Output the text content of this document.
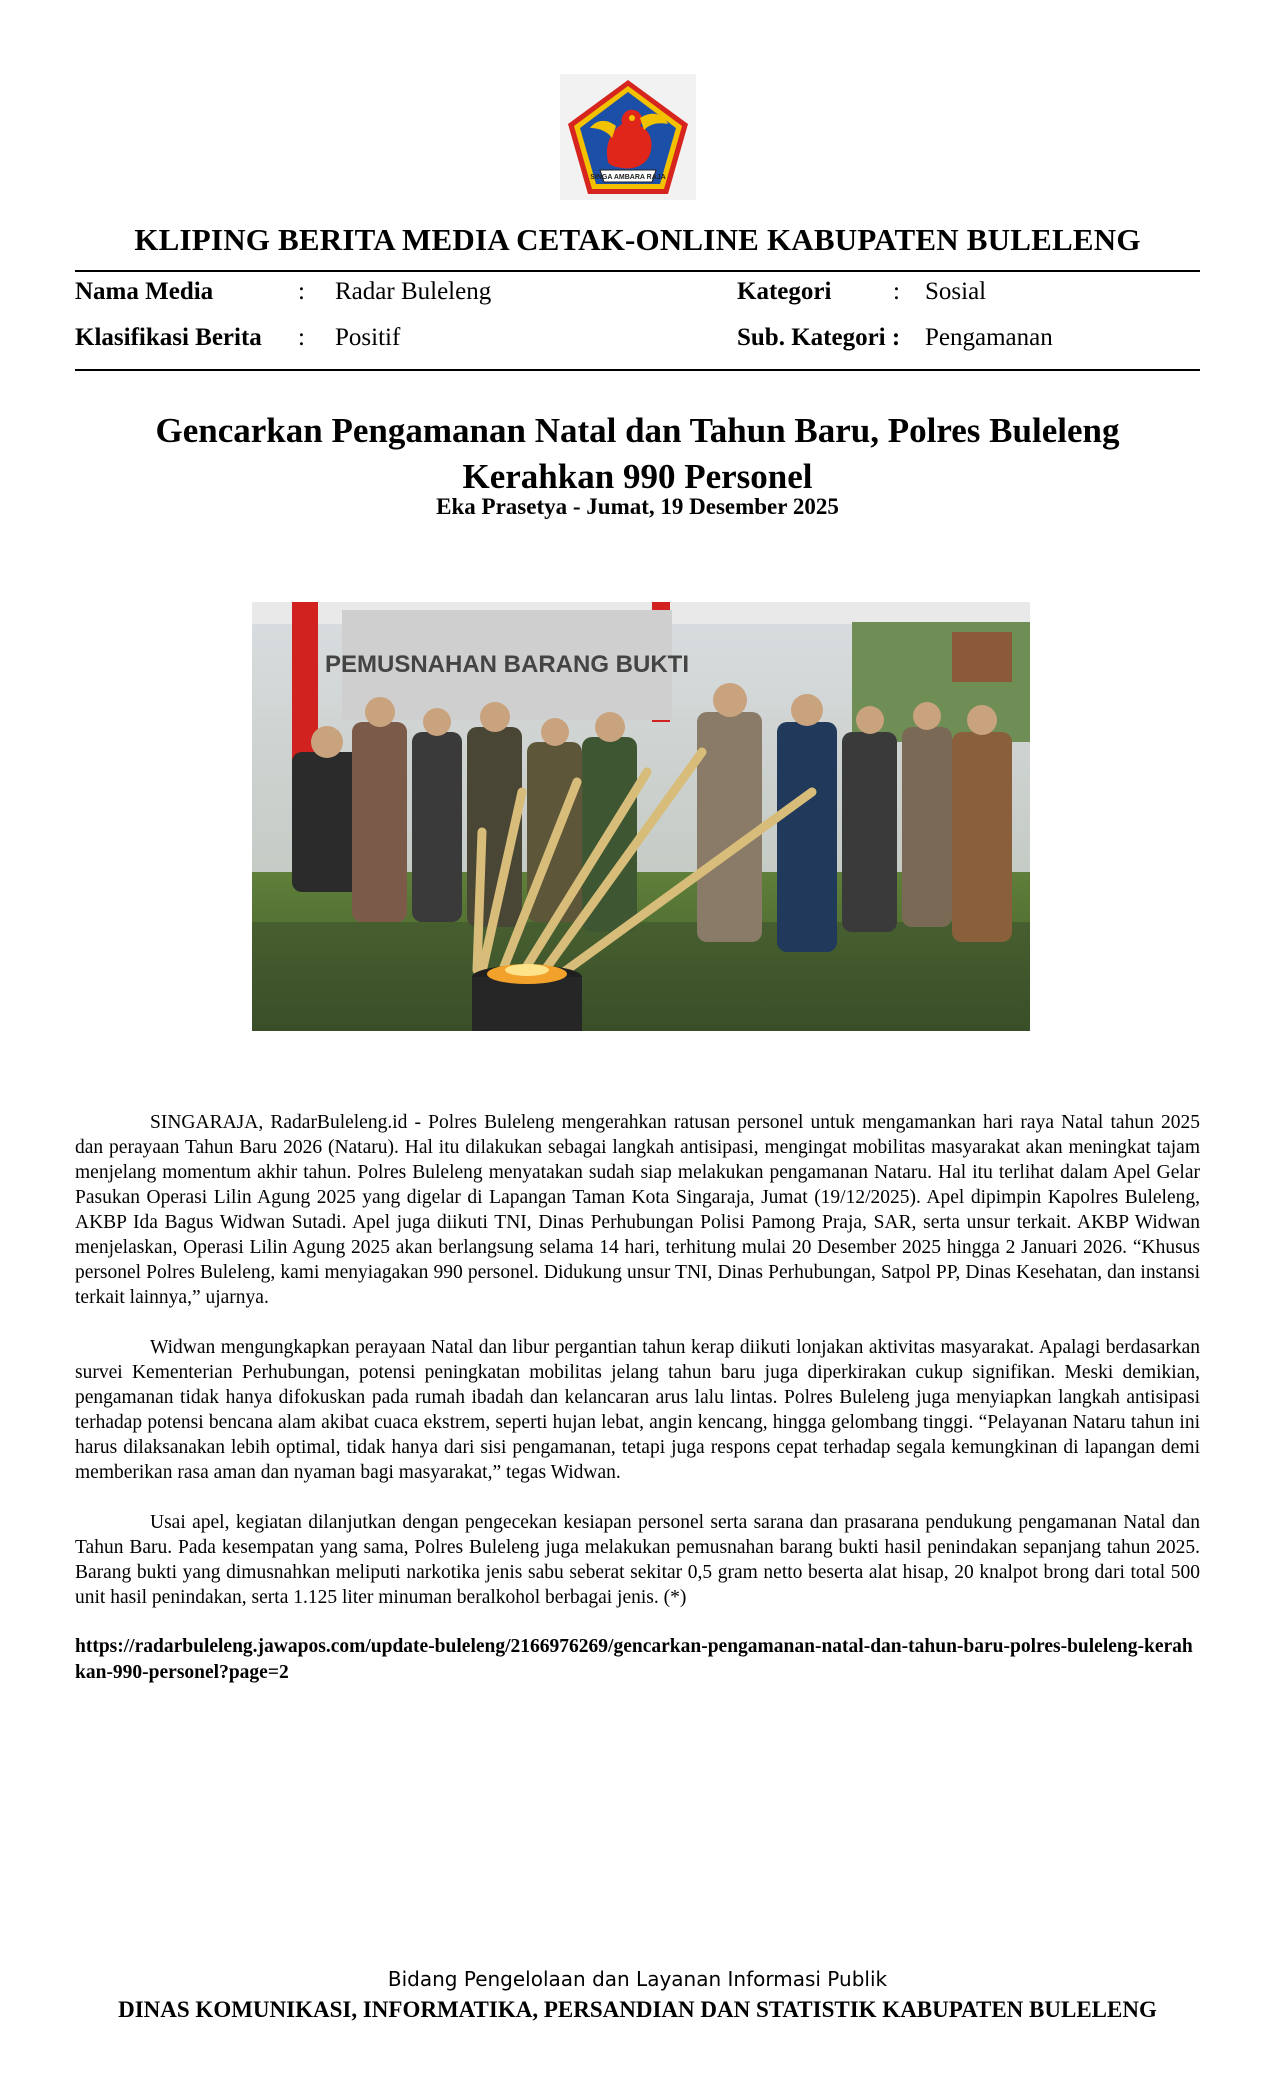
SINGA AMBARA RAJA
KLIPING BERITA MEDIA CETAK-ONLINE KABUPATEN BULELENG
Nama Media	: Radar Buleleng	Kategori : Sosial
Klasifikasi Berita : Positif	Sub. Kategori : Pengamanan
Gencarkan Pengamanan Natal dan Tahun Baru, Polres Buleleng Kerahkan 990 Personel
Eka Prasetya - Jumat, 19 Desember 2025
PEMUSNAHAN BARANG BUKTI

SINGARAJA, RadarBuleleng.id - Polres Buleleng mengerahkan ratusan personel untuk mengamankan hari raya Natal tahun 2025 dan perayaan Tahun Baru 2026 (Nataru). Hal itu dilakukan sebagai langkah antisipasi, mengingat mobilitas masyarakat akan meningkat tajam menjelang momentum akhir tahun. Polres Buleleng menyatakan sudah siap melakukan pengamanan Nataru. Hal itu terlihat dalam Apel Gelar Pasukan Operasi Lilin Agung 2025 yang digelar di Lapangan Taman Kota Singaraja, Jumat (19/12/2025). Apel dipimpin Kapolres Buleleng, AKBP Ida Bagus Widwan Sutadi. Apel juga diikuti TNI, Dinas Perhubungan Polisi Pamong Praja, SAR, serta unsur terkait. AKBP Widwan menjelaskan, Operasi Lilin Agung 2025 akan berlangsung selama 14 hari, terhitung mulai 20 Desember 2025 hingga 2 Januari 2026. “Khusus personel Polres Buleleng, kami menyiagakan 990 personel. Didukung unsur TNI, Dinas Perhubungan, Satpol PP, Dinas Kesehatan, dan instansi terkait lainnya,” ujarnya.

Widwan mengungkapkan perayaan Natal dan libur pergantian tahun kerap diikuti lonjakan aktivitas masyarakat. Apalagi berdasarkan survei Kementerian Perhubungan, potensi peningkatan mobilitas jelang tahun baru juga diperkirakan cukup signifikan. Meski demikian, pengamanan tidak hanya difokuskan pada rumah ibadah dan kelancaran arus lalu lintas. Polres Buleleng juga menyiapkan langkah antisipasi terhadap potensi bencana alam akibat cuaca ekstrem, seperti hujan lebat, angin kencang, hingga gelombang tinggi. “Pelayanan Nataru tahun ini harus dilaksanakan lebih optimal, tidak hanya dari sisi pengamanan, tetapi juga respons cepat terhadap segala kemungkinan di lapangan demi memberikan rasa aman dan nyaman bagi masyarakat,” tegas Widwan.

Usai apel, kegiatan dilanjutkan dengan pengecekan kesiapan personel serta sarana dan prasarana pendukung pengamanan Natal dan Tahun Baru. Pada kesempatan yang sama, Polres Buleleng juga melakukan pemusnahan barang bukti hasil penindakan sepanjang tahun 2025. Barang bukti yang dimusnahkan meliputi narkotika jenis sabu seberat sekitar 0,5 gram netto beserta alat hisap, 20 knalpot brong dari total 500 unit hasil penindakan, serta 1.125 liter minuman beralkohol berbagai jenis. (*)

https://radarbuleleng.jawapos.com/update-buleleng/2166976269/gencarkan-pengamanan-natal-dan-tahun-baru-polres-buleleng-kerahkan-990-personel?page=2
Bidang Pengelolaan dan Layanan Informasi Publik
DINAS KOMUNIKASI, INFORMATIKA, PERSANDIAN DAN STATISTIK KABUPATEN BULELENG
